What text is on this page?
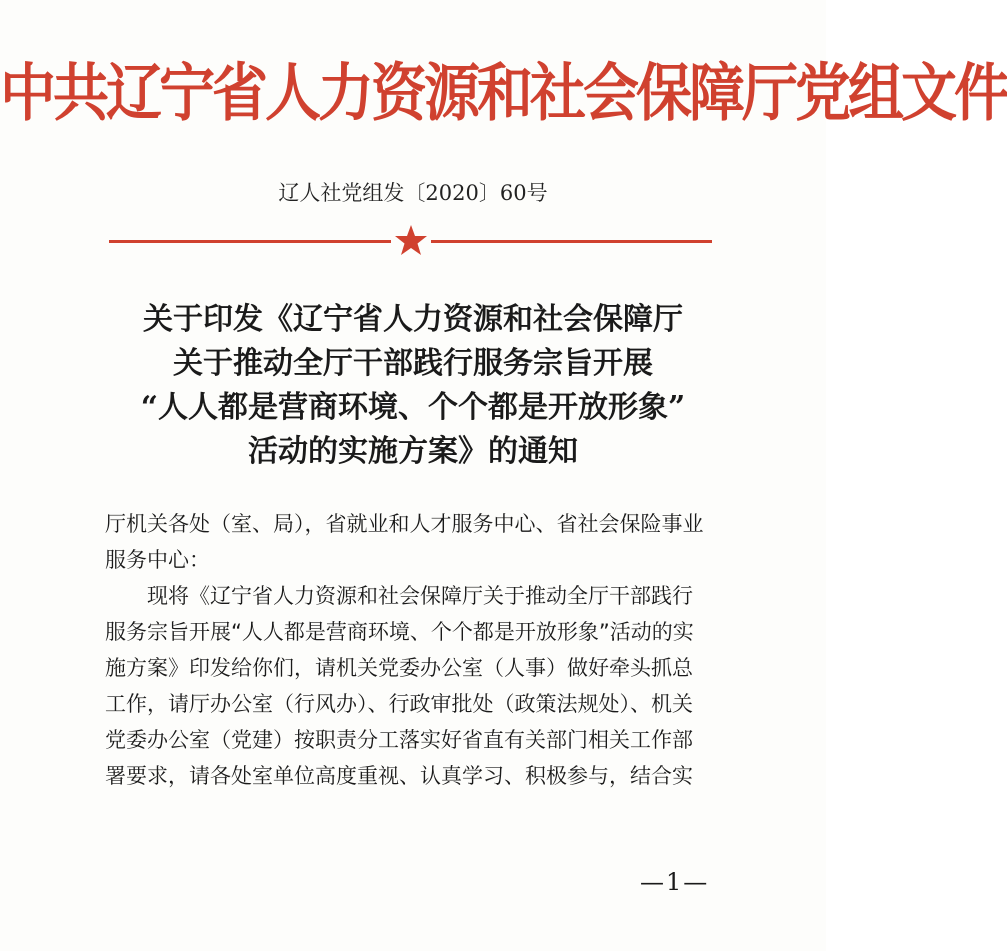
中共辽宁省人力资源和社会保障厅党组文件
辽人社党组发〔2020〕60号
关于印发《辽宁省人力资源和社会保障厅
关于推动全厅干部践行服务宗旨开展
“人人都是营商环境、个个都是开放形象”
活动的实施方案》的通知
厅机关各处（室、局），省就业和人才服务中心、省社会保险事业
服务中心：
　　现将《辽宁省人力资源和社会保障厅关于推动全厅干部践行
服务宗旨开展“人人都是营商环境、个个都是开放形象”活动的实
施方案》印发给你们，请机关党委办公室（人事）做好牵头抓总
工作，请厅办公室（行风办）、行政审批处（政策法规处）、机关
党委办公室（党建）按职责分工落实好省直有关部门相关工作部
署要求，请各处室单位高度重视、认真学习、积极参与，结合实
—1—
